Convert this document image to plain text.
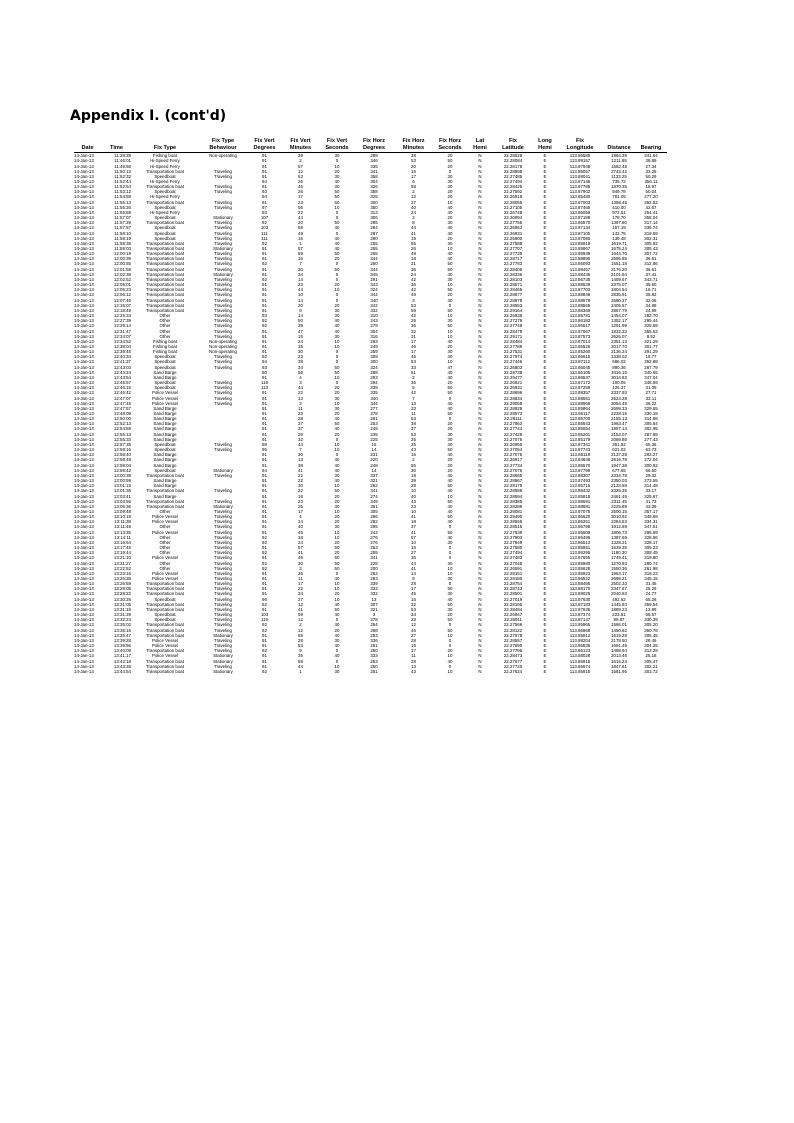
Appendix I. (cont'd)
			Fix Type	Fix Vert	Fix Vert	Fix Vert	Fix Horz	Fix Horz	Fix Horz	Lat	Fix	Long	Fix		
Date	Time	Fix Type	Behaviour	Degrees	Minutes	Seconds	Degrees	Minutes	Seconds	Hemi	Latitude	Hemi	Longitude	Distance	Bearing
14-Jan-13	11:28:39	Fishing boat	Non-operating	91	39	30	289	38	20	N	22.28528	E	113.86585	1984.39	341.64
14-Jan-13	11:46:01	Hi-Speed Ferry		91	2	0	346	53	50	N	22.28084	E	113.89157	1211.95	38.89
14-Jan-13	11:49:58	Hi-Speed Ferry		91	57	10	335	20	20	N	22.28178	E	113.87948	1582.45	27.34
14-Jan-13	11:50:13	Transportation boat	Traveling	91	12	20	341	15	0	N	22.28898	E	113.86057	2743.42	33.25
14-Jan-13	11:52:32	Speedboat	Traveling	91	53	30	358	17	30	N	22.27485	E	113.88041	1133.25	50.29
14-Jan-13	11:52:44	Hi-Speed Ferry		94	26	40	304	6	30	N	22.27494	E	113.87146	735.72	356.11
14-Jan-13	11:52:54	Transportation boat	Traveling	91	45	30	326	58	30	N	22.28425	E	113.87785	1870.35	18.97
14-Jan-13	11:53:12	Speedboat	Traveling	93	26	50	358	2	20	N	22.27592	E	113.87902	949.78	50.04
14-Jan-13	11:54:59	Hi-Speed Ferry		94	17	50	325	12	20	N	22.26919	E	113.85480	781.05	277.20
14-Jan-13	11:55:13	Transportation boat	Traveling	91	23	50	300	37	10	N	22.28055	E	113.87003	1358.45	352.52
14-Jan-13	11:55:26	Speedboat	Traveling	97	56	10	350	40	40	N	22.27105	E	113.87465	410.00	42.67
14-Jan-13	11:55:59	Hi-Speed Ferry		93	22	0	313	24	40	N	22.26748	E	113.86059	972.51	254.41
14-Jan-13	11:57:07	Speedboat	Stationary	107	44	0	306	2	20	N	22.26994	E	113.87188	178.70	358.04
14-Jan-13	11:57:29	Transportation boat	Traveling	92	20	50	285	8	30	N	22.27755	E	113.86570	1397.80	317.14
14-Jan-13	11:57:57	Speedboat	Traveling	103	58	40	284	44	40	N	22.26953	E	113.87134	157.19	336.74
14-Jan-13	11:58:10	Speedboat	Traveling	111	49	0	287	41	40	N	22.26931	E	113.87105	142.75	319.59
14-Jan-13	11:58:19	Speedboat	Traveling	111	16	40	290	19	20	N	22.26900	E	113.87080	139.48	302.31
14-Jan-13	11:58:38	Transportation boat	Traveling	92	1	40	255	55	30	N	22.27588	E	113.85919	1619.71	305.92
14-Jan-13	11:59:03	Transportation boat	Stationary	91	57	40	255	26	10	N	22.27707	E	113.85867	1675.24	305.43
14-Jan-13	12:00:19	Transportation boat	Traveling	91	59	50	255	49	40	N	22.27739	E	113.85939	1644.70	307.72
14-Jan-13	12:00:39	Transportation boat	Traveling	91	16	20	344	18	40	N	22.28717	E	113.88890	2595.85	36.51
14-Jan-13	12:00:55	Transportation boat	Traveling	92	7	0	260	31	50	N	22.27783	E	113.86093	1551.18	312.86
14-Jan-13	12:01:58	Transportation boat	Traveling	91	30	50	344	36	50	N	22.28405	E	113.88457	2176.20	36.61
14-Jan-13	12:02:38	Transportation boat	Stationary	91	34	0	345	24	40	N	22.28336	E	113.88436	2101.94	37.41
14-Jan-13	12:02:52	Transportation boat	Traveling	92	14	0	291	42	30	N	22.28103	E	113.86735	1459.57	343.71
14-Jan-13	12:05:01	Transportation boat	Traveling	91	23	20	343	36	10	N	22.28571	E	113.88539	2375.07	35.60
14-Jan-13	12:05:23	Transportation boat	Traveling	91	44	10	324	42	50	N	22.28465	E	113.87703	1804.54	16.71
14-Jan-13	12:06:12	Transportation boat	Traveling	91	10	0	344	49	20	N	22.28877	E	113.88848	2835.91	36.82
14-Jan-13	12:07:46	Transportation boat	Traveling	91	14	0	340	3	30	N	22.28878	E	113.88578	2680.37	32.06
14-Jan-13	12:15:07	Transportation boat	Traveling	91	20	20	342	53	0	N	22.28553	E	113.88565	2405.57	34.88
14-Jan-13	12:18:49	Transportation boat	Traveling	91	9	30	332	59	50	N	22.29164	E	113.88369	2857.79	24.99
14-Jan-13	12:25:34	Other	Traveling	93	14	30	310	42	10	N	22.26936	E	113.85781	1454.07	282.70
14-Jan-13	12:27:39	Other	Traveling	92	50	40	243	26	30	N	22.27279	E	113.86183	1352.17	295.44
14-Jan-13	12:29:14	Other	Traveling	92	39	40	279	36	50	N	22.27748	E	113.86517	1291.99	325.59
14-Jan-13	12:31:47	Other	Traveling	91	47	40	304	32	10	N	22.28479	E	113.87067	1832.33	355.53
14-Jan-13	12:34:07	Other	Traveling	91	15	30	316	31	10	N	22.29171	E	113.87573	2626.07	8.52
14-Jan-13	12:34:52	Fishing boat	Non-operating	91	24	10	293	17	40	N	22.28484	E	113.87014	2351.13	321.29
14-Jan-13	12:38:04	Fishing boat	Non-operating	91	35	10	249	46	20	N	22.27789	E	113.85526	2017.70	301.77
14-Jan-13	12:39:45	Fishing boat	Non-operating	91	30	0	259	17	30	N	22.27531	E	113.85260	2136.24	291.29
14-Jan-13	12:40:34	Speedboat	Traveling	92	23	0	309	46	40	N	22.27974	E	113.86615	1338.02	18.77
14-Jan-13	12:41:37	Speedboat	Traveling	94	38	0	300	53	10	N	22.27446	E	113.87112	686.02	352.88
14-Jan-13	12:43:03	Speedboat	Traveling	93	34	50	324	33	47	N	22.26803	E	113.86045	890.36	287.79
14-Jan-13	12:43:24	Sand Barge		90	56	50	288	51	40	N	22.29738	E	113.86105	3416.15	340.65
14-Jan-13	12:43:54	Sand Barge		91	4	10	293	2	40	N	22.29477	E	113.86537	3014.83	347.04
14-Jan-13	12:45:57	Speedboat	Traveling	119	3	0	294	35	20	N	22.26921	E	113.87172	100.05	348.59
14-Jan-13	12:46:15	Speedboat	Traveling	113	44	20	339	5	50	N	22.26931	E	113.87258	126.37	31.09
14-Jan-13	12:46:42	Police Vessel	Traveling	91	22	20	335	42	50	N	22.28696	E	113.88357	2337.93	27.71
14-Jan-13	12:47:07	Police Vessel	Traveling	91	13	30	340	7	0	N	22.28834	E	113.88551	2624.28	32.11
14-Jan-13	12:47:45	Police Vessel	Traveling	91	3	10	344	13	40	N	22.29058	E	113.88969	3054.49	36.22
14-Jan-13	12:47:57	Sand Barge		91	11	30	277	33	40	N	22.28928	E	113.85864	2699.33	329.55
14-Jan-13	12:48:09	Sand Barge		91	23	20	278	11	50	N	22.28573	E	113.86117	2228.15	330.19
14-Jan-13	12:50:00	Sand Barge		91	28	40	281	53	0	N	22.28111	E	113.85700	2155.13	314.88
14-Jan-13	12:52:13	Sand Barge		91	37	50	253	38	20	N	22.27863	E	113.85643	1963.47	305.64
14-Jan-13	12:54:58	Sand Barge		91	37	40	249	37	20	N	22.27744	E	113.85554	1957.14	302.95
14-Jan-13	12:55:13	Sand Barge		91	29	20	235	53	30	N	22.27428	E	113.85201	2153.07	287.89
14-Jan-13	12:55:33	Sand Barge		91	32	0	225	25	30	N	22.27076	E	113.85179	2069.88	277.43
14-Jan-13	12:57:35	Speedboat	Traveling	98	44	10	15	25	40	N	22.26950	E	113.87341	351.92	65.36
14-Jan-13	12:58:16	Speedboat	Traveling	95	7	10	14	43	50	N	22.27054	E	113.87743	621.02	63.73
14-Jan-13	12:58:40	Sand Barge		91	30	0	231	16	40	N	22.27075	E	113.85118	2137.28	283.27
14-Jan-13	12:58:48	Sand Barge		91	13	40	220	2	20	N	22.26917	E	113.84848	2619.78	272.04
14-Jan-13	12:59:04	Sand Barge		91	38	40	248	55	20	N	22.27734	E	113.85570	1947.38	300.92
14-Jan-13	12:59:42	Speedboat	Stationary	94	41	40	14	30	20	N	22.27076	E	113.87799	677.65	66.50
14-Jan-13	13:00:39	Transportation boat	Traveling	91	22	30	337	19	40	N	22.28665	E	113.88307	2334.78	29.32
14-Jan-13	13:00:59	Sand Barge		91	22	40	321	39	40	N	22.28967	E	113.87493	2350.03	273.55
14-Jan-13	13:01:15	Sand Barge		91	30	10	262	28	50	N	22.28179	E	113.85715	2133.58	314.48
14-Jan-13	13:01:36	Transportation boat	Traveling	91	22	50	341	10	40	N	22.28585	E	113.88432	2325.35	33.17
14-Jan-13	13:03:41	Sand Barge		91	18	20	274	40	10	N	22.28594	E	113.85815	2461.49	325.67
14-Jan-13	13:03:55	Transportation boat	Traveling	91	23	20	349	43	50	N	22.28385	E	113.88691	2311.45	41.73
14-Jan-13	13:05:36	Transportation boat	Stationary	91	25	30	351	23	40	N	22.28289	E	113.88681	2225.89	43.39
14-Jan-13	13:09:48	Other	Traveling	91	17	10	305	10	40	N	22.29081	E	113.87075	2500.15	357.17
14-Jan-13	13:10:19	Police Vessel	Traveling	91	4	20	296	41	50	N	22.29490	E	113.86620	3010.92	348.69
14-Jan-13	13:11:38	Police Vessel	Traveling	91	24	20	282	18	40	N	22.28565	E	113.86251	2284.53	334.31
14-Jan-13	13:11:49	Other	Traveling	91	40	30	295	37	0	N	22.28515	E	113.86795	1912.69	347.51
14-Jan-13	13:13:35	Police Vessel	Traveling	91	45	10	243	41	50	N	22.27539	E	113.85509	1806.73	295.59
14-Jan-13	13:14:11	Other	Traveling	92	18	10	276	57	40	N	22.27903	E	113.86499	1387.69	328.96
14-Jan-13	13:16:54	Other	Traveling	92	24	20	276	10	30	N	22.27849	E	113.86513	1328.21	328.17
14-Jan-13	13:17:45	Other	Traveling	91	57	50	263	16	0	N	22.27580	E	113.85951	1629.35	305.23
14-Jan-13	13:19:44	Other	Traveling	92	41	20	255	27	0	N	22.27494	E	113.86295	1180.30	308.45
14-Jan-13	13:21:10	Police Vessel	Traveling	91	49	50	341	35	0	N	22.27483	E	113.87655	1749.41	319.80
14-Jan-13	13:21:27	Other	Traveling	92	30	50	228	44	30	N	22.27045	E	113.85980	1270.93	280.74
14-Jan-13	13:22:52	Other	Traveling	92	3	50	200	41	10	N	22.26591	E	113.85626	1550.36	261.98
14-Jan-13	13:23:16	Police Vessel	Traveling	91	36	0	263	14	10	N	22.28151	E	113.85923	1953.17	318.23
14-Jan-13	13:26:38	Police Vessel	Traveling	91	11	40	293	9	30	N	22.29180	E	113.86522	2698.21	345.15
14-Jan-13	13:26:59	Transportation boat	Traveling	91	17	10	339	28	0	N	22.28754	E	113.88495	2502.33	31.45
14-Jan-13	13:28:05	Transportation boat	Traveling	91	22	10	333	17	50	N	22.28743	E	113.88170	2347.67	25.29
14-Jan-13	13:28:22	Transportation boat	Traveling	91	34	20	332	45	30	N	22.28501	E	113.88025	2040.93	24.77
14-Jan-13	13:30:26	Speedboat	Traveling	96	27	10	13	15	40	N	22.27019	E	113.87630	492.62	65.26
14-Jan-13	13:31:05	Transportation boat	Traveling	92	12	40	307	32	50	N	22.28195	E	113.87183	1445.84	359.54
14-Jan-13	13:31:15	Transportation boat	Traveling	91	41	50	321	53	30	N	22.28484	E	113.87636	1889.23	13.89
14-Jan-13	13:31:29	Speedboat	Traveling	103	59	40	3	34	20	N	22.26947	E	113.87374	223.51	55.57
14-Jan-13	13:32:24	Speedboat	Traveling	119	12	0	278	23	50	N	22.26911	E	113.87147	99.87	330.39
14-Jan-13	13:35:02	Transportation boat	Traveling	92	2	40	254	12	0	N	22.27566	E	113.85965	1566.01	305.20
14-Jan-13	13:35:16	Transportation boat	Traveling	92	12	20	298	46	50	N	22.28122	E	113.86968	1450.82	350.78
14-Jan-13	13:35:47	Transportation boat	Stationary	91	58	40	253	27	10	N	22.27678	E	113.85912	1619.28	305.45
14-Jan-13	13:39:28	Police Vessel	Traveling	91	28	30	336	28	0	N	22.28557	E	113.88204	2178.50	28.46
14-Jan-13	13:39:56	Police Vessel	Traveling	91	53	40	251	15	0	N	22.27690	E	113.85835	1691.49	304.25
14-Jan-13	13:40:09	Transportation boat	Traveling	92	9	0	260	17	20	N	22.27795	E	113.86123	1488.94	312.29
14-Jan-13	13:41:17	Police Vessel	Stationary	91	35	40	333	11	10	N	22.28473	E	113.88028	2013.46	25.18
14-Jan-13	13:42:18	Transportation boat	Stationary	91	59	0	253	28	40	N	22.27677	E	113.85915	1615.24	305.47
14-Jan-13	13:43:26	Transportation boat	Traveling	91	44	10	250	13	0	N	22.27720	E	113.85674	1847.61	302.21
14-Jan-13	13:44:54	Transportation boat	Stationary	92	1	30	251	43	10	N	22.27624	E	113.85915	1581.95	303.72
